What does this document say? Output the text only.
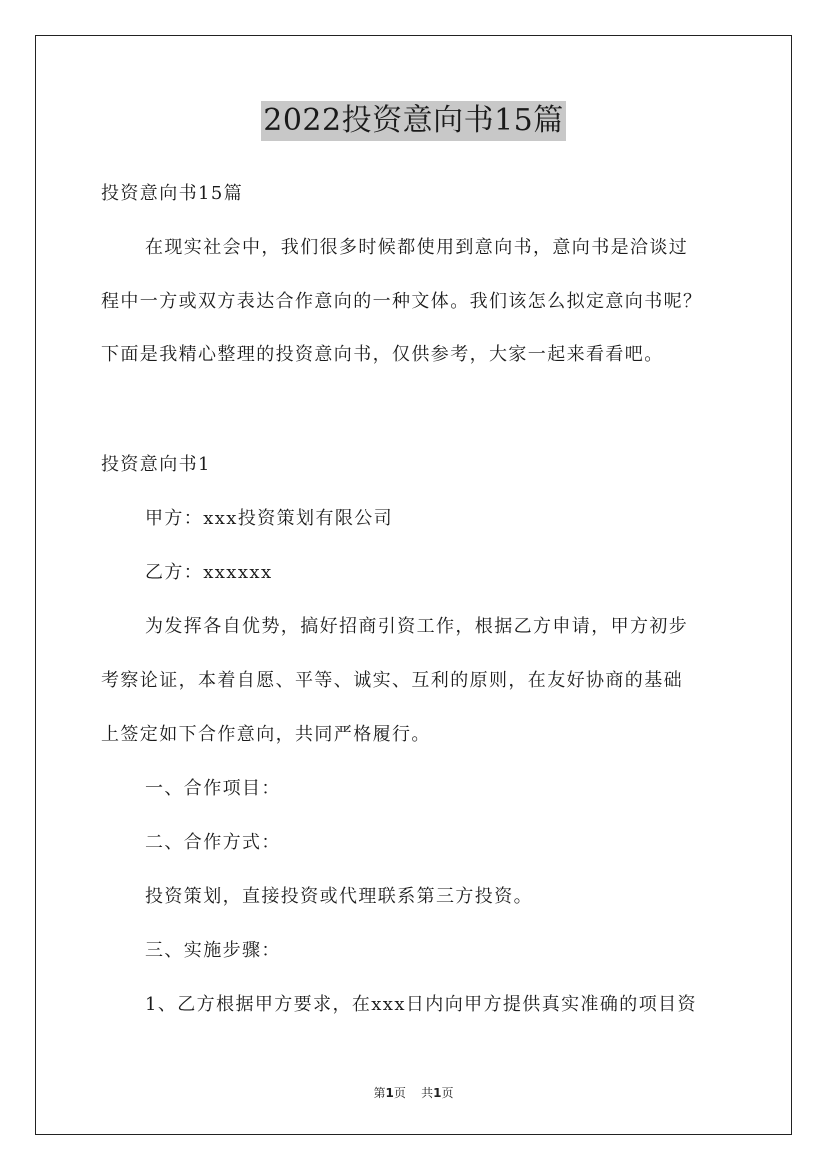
2022投资意向书15篇
投资意向书15篇
在现实社会中，我们很多时候都使用到意向书，意向书是洽谈过
程中一方或双方表达合作意向的一种文体。我们该怎么拟定意向书呢？
下面是我精心整理的投资意向书，仅供参考，大家一起来看看吧。
投资意向书1
甲方：xxx投资策划有限公司
乙方：xxxxxx
为发挥各自优势，搞好招商引资工作，根据乙方申请，甲方初步
考察论证，本着自愿、平等、诚实、互利的原则，在友好协商的基础
上签定如下合作意向，共同严格履行。
一、合作项目：
二、合作方式：
投资策划，直接投资或代理联系第三方投资。
三、实施步骤：
1、乙方根据甲方要求，在xxx日内向甲方提供真实准确的项目资
第1页 共1页
